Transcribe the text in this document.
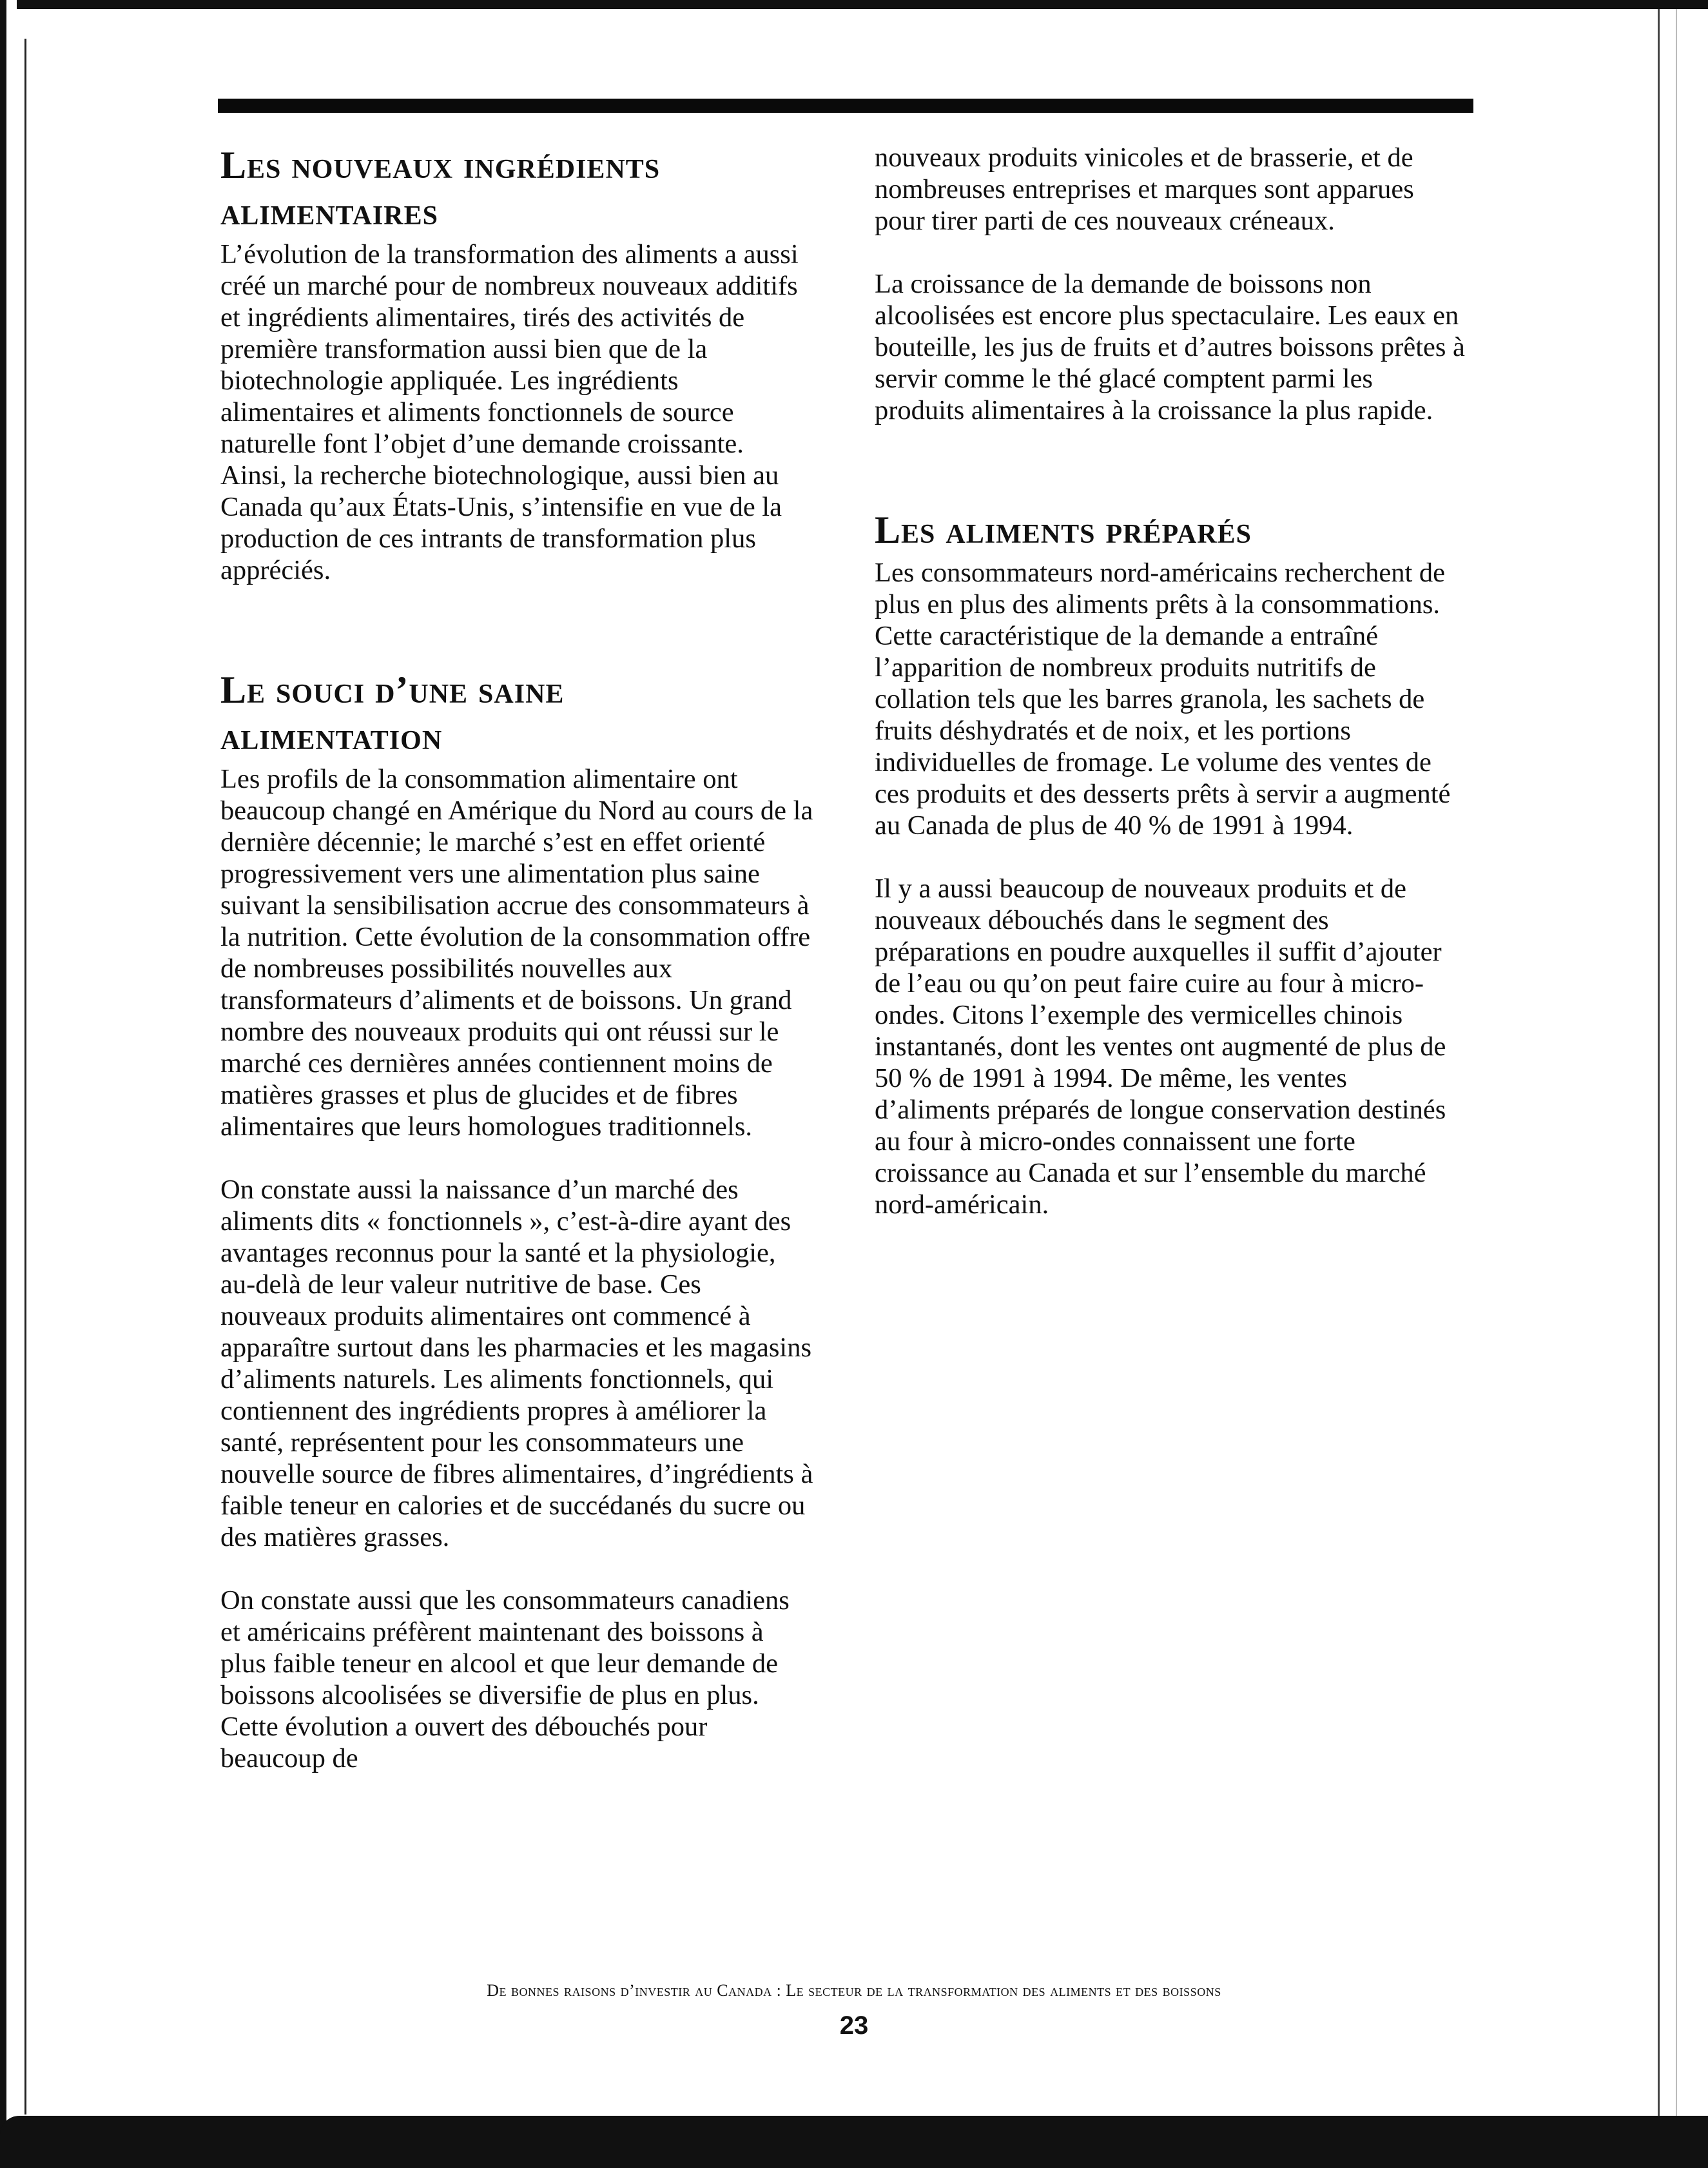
Les nouveaux ingrédients alimentaires

L’évolution de la transformation des aliments a aussi créé un marché pour de nombreux nouveaux additifs et ingrédients alimentaires, tirés des activités de première transformation aussi bien que de la biotechnologie appliquée. Les ingrédients alimentaires et aliments fonctionnels de source naturelle font l’objet d’une demande croissante. Ainsi, la recherche biotechnologique, aussi bien au Canada qu’aux États-Unis, s’intensifie en vue de la production de ces intrants de transformation plus appréciés.

Le souci d’une saine alimentation

Les profils de la consommation alimentaire ont beaucoup changé en Amérique du Nord au cours de la dernière décennie; le marché s’est en effet orienté progressivement vers une alimentation plus saine suivant la sensibilisation accrue des consommateurs à la nutrition. Cette évolution de la consommation offre de nombreuses possibilités nouvelles aux transformateurs d’aliments et de boissons. Un grand nombre des nouveaux produits qui ont réussi sur le marché ces dernières années contiennent moins de matières grasses et plus de glucides et de fibres alimentaires que leurs homologues traditionnels.

On constate aussi la naissance d’un marché des aliments dits « fonctionnels », c’est-à-dire ayant des avantages reconnus pour la santé et la physiologie, au-delà de leur valeur nutritive de base. Ces nouveaux produits alimentaires ont commencé à apparaître surtout dans les pharmacies et les magasins d’aliments naturels. Les aliments fonctionnels, qui contiennent des ingrédients propres à améliorer la santé, représentent pour les consommateurs une nouvelle source de fibres alimentaires, d’ingrédients à faible teneur en calories et de succédanés du sucre ou des matières grasses.

On constate aussi que les consommateurs canadiens et américains préfèrent maintenant des boissons à plus faible teneur en alcool et que leur demande de boissons alcoolisées se diversifie de plus en plus. Cette évolution a ouvert des débouchés pour beaucoup de

nouveaux produits vinicoles et de brasserie, et de nombreuses entreprises et marques sont apparues pour tirer parti de ces nouveaux créneaux.

La croissance de la demande de boissons non alcoolisées est encore plus spectaculaire. Les eaux en bouteille, les jus de fruits et d’autres boissons prêtes à servir comme le thé glacé comptent parmi les produits alimentaires à la croissance la plus rapide.

Les aliments préparés

Les consommateurs nord-américains recherchent de plus en plus des aliments prêts à la consommations. Cette caractéristique de la demande a entraîné l’apparition de nombreux produits nutritifs de collation tels que les barres granola, les sachets de fruits déshydratés et de noix, et les portions individuelles de fromage. Le volume des ventes de ces produits et des desserts prêts à servir a augmenté au Canada de plus de 40 % de 1991 à 1994.

Il y a aussi beaucoup de nouveaux produits et de nouveaux débouchés dans le segment des préparations en poudre auxquelles il suffit d’ajouter de l’eau ou qu’on peut faire cuire au four à micro-ondes. Citons l’exemple des vermicelles chinois instantanés, dont les ventes ont augmenté de plus de 50 % de 1991 à 1994. De même, les ventes d’aliments préparés de longue conservation destinés au four à micro-ondes connaissent une forte croissance au Canada et sur l’ensemble du marché nord-américain.

De bonnes raisons d’investir au Canada : Le secteur de la transformation des aliments et des boissons
23
